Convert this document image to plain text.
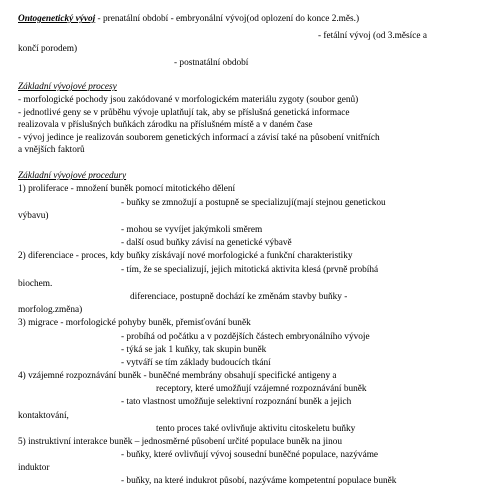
Ontogenetický vývoj - prenatální období - embryonální vývoj(od oplození do konce 2.měs.)
- fetální vývoj (od 3.měsíce a
končí porodem)
- postnatální období
Základní vývojové procesy
- morfologické pochody jsou zakódované v morfologickém materiálu zygoty (soubor genů)
- jednotlivé geny se v průběhu vývoje uplatňují tak, aby se příslušná genetická informace
realizovala v příslušných buňkách zárodku na příslušném místě a v daném čase
- vývoj jedince je realizován souborem genetických informací a závisí také na působení vnitřních
a vnějších faktorů
Základní vývojové procedury
1) proliferace - množení buněk pomocí mitotického dělení
- buňky se zmnožují a postupně se specializují(mají stejnou genetickou
výbavu)
- mohou se vyvíjet jakýmkoli směrem
- další osud buňky závisí na genetické výbavě
2) diferenciace - proces, kdy buňky získávají nové morfologické a funkční charakteristiky
- tím, že se specializují, jejich mitotická aktivita klesá (prvně probíhá
biochem.
diferenciace, postupně dochází ke změnám stavby buňky -
morfolog.změna)
3) migrace - morfologické pohyby buněk, přemisťování buněk
- probíhá od počátku a v pozdějších částech embryonálního vývoje
- týká se jak 1 kuňky, tak skupin buněk
- vytváří se tím základy budoucích tkání
4) vzájemné rozpoznávání buněk - buněčné membrány obsahují specifické antigeny a
receptory, které umožňují vzájemné rozpoznávání buněk
- tato vlastnost umožňuje selektivní rozpoznání buněk a jejich
kontaktování,
tento proces také ovlivňuje aktivitu citoskeletu buňky
5) instruktivní interakce buněk – jednosměrné působení určité populace buněk na jinou
- buňky, které ovlivňují vývoj sousední buněčné populace, nazýváme
induktor
- buňky, na které indukrot působí, nazýváme kompetentní populace buněk
